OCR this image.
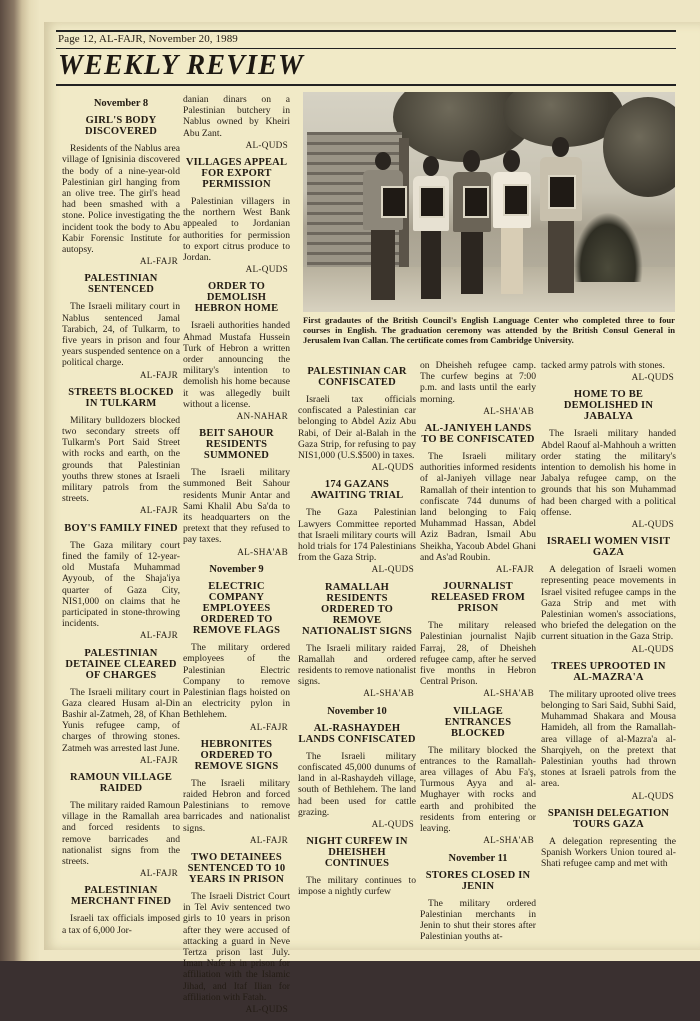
Page 12, AL-FAJR, November 20, 1989
WEEKLY REVIEW
November 8
GIRL'S BODY DISCOVERED

Residents of the Nablus area village of Ignisinia discovered the body of a nine-year-old Palestinian girl hanging from an olive tree. The girl's head had been smashed with a stone. Police investigating the incident took the body to Abu Kabir Forensic Institute for autopsy.

AL-FAJR
PALESTINIAN SENTENCED

The Israeli military court in Nablus sentenced Jamal Tarabich, 24, of Tulkarm, to five years in prison and four years suspended sentence on a political charge.

AL-FAJR
STREETS BLOCKED IN TULKARM

Military bulldozers blocked two secondary streets off Tulkarm's Port Said Street with rocks and earth, on the grounds that Palestinian youths threw stones at Israeli military patrols from the streets.

AL-FAJR
BOY'S FAMILY FINED

The Gaza military court fined the family of 12-year-old Mustafa Muhammad Ayyoub, of the Shaja'iya quarter of Gaza City, NIS1,000 on claims that he participated in stone-throwing incidents.

AL-FAJR
PALESTINIAN DETAINEE CLEARED OF CHARGES

The Israeli military court in Gaza cleared Husam al-Din Bashir al-Zatmeh, 28, of Khan Yunis refugee camp, of charges of throwing stones. Zatmeh was arrested last June.

AL-FAJR
RAMOUN VILLAGE RAIDED

The military raided Ramoun village in the Ramallah area and forced residents to remove barricades and nationalist signs from the streets.

AL-FAJR
PALESTINIAN MERCHANT FINED

Israeli tax officials imposed a tax of 6,000 Jor-

danian dinars on a Palestinian butchery in Nablus owned by Kheiri Abu Zant.

AL-QUDS
VILLAGES APPEAL FOR EXPORT PERMISSION

Palestinian villagers in the northern West Bank appealed to Jordanian authorities for permission to export citrus produce to Jordan.

AL-QUDS
ORDER TO DEMOLISH HEBRON HOME

Israeli authorities handed Ahmad Mustafa Hussein Turk of Hebron a written order announcing the military's intention to demolish his home because it was allegedly built without a license.

AN-NAHAR
BEIT SAHOUR RESIDENTS SUMMONED

The Israeli military summoned Beit Sahour residents Munir Antar and Sami Khalil Abu Sa'da to its headquarters on the pretext that they refused to pay taxes.

AL-SHA'AB
November 9
ELECTRIC COMPANY EMPLOYEES ORDERED TO REMOVE FLAGS

The military ordered employees of the Palestinian Electric Company to remove Palestinian flags hoisted on an electricity pylon in Bethlehem.

AL-FAJR
HEBRONITES ORDERED TO REMOVE SIGNS

The Israeli military raided Hebron and forced Palestinians to remove barricades and nationalist signs.

AL-FAJR
TWO DETAINEES SENTENCED TO 10 YEARS IN PRISON

The Israeli District Court in Tel Aviv sentenced two girls to 10 years in prison after they were accused of attacking a guard in Neve Tertza prison last July. Iman Nafe is in prison for affiliation with the Islamic Jihad, and Itaf Ilian for affiliation with Fatah.

AL-QUDS
First gradautes of the British Council's English Language Center who completed three to four courses in English. The graduation ceremony was attended by the British Consul General in Jerusalem Ivan Callan. The certificate comes from Cambridge University.
PALESTINIAN CAR CONFISCATED

Israeli tax officials confiscated a Palestinian car belonging to Abdel Aziz Abu Rabi, of Deir al-Balah in the Gaza Strip, for refusing to pay NIS1,000 (U.S.$500) in taxes.

AL-QUDS
174 GAZANS AWAITING TRIAL

The Gaza Palestinian Lawyers Committee reported that Israeli military courts will hold trials for 174 Palestinians from the Gaza Strip.

AL-QUDS
RAMALLAH RESIDENTS ORDERED TO REMOVE NATIONALIST SIGNS

The Israeli military raided Ramallah and ordered residents to remove nationalist signs.

AL-SHA'AB
November 10
AL-RASHAYDEH LANDS CONFISCATED

The Israeli military confiscated 45,000 dunums of land in al-Rashaydeh village, south of Bethlehem. The land had been used for cattle grazing.

AL-QUDS
NIGHT CURFEW IN DHEISHEH CONTINUES

The military continues to impose a nightly curfew

on Dheisheh refugee camp. The curfew begins at 7:00 p.m. and lasts until the early morning.

AL-SHA'AB
AL-JANIYEH LANDS TO BE CONFISCATED

The Israeli military authorities informed residents of al-Janiyeh village near Ramallah of their intention to confiscate 744 dunums of land belonging to Faiq Muhammad Hassan, Abdel Aziz Badran, Ismail Abu Sheikha, Yacoub Abdel Ghani and As'ad Roubin.

AL-FAJR
JOURNALIST RELEASED FROM PRISON

The military released Palestinian journalist Najib Farraj, 28, of Dheisheh refugee camp, after he served five months in Hebron Central Prison.

AL-SHA'AB
VILLAGE ENTRANCES BLOCKED

The military blocked the entrances to the Ramallah-area villages of Abu Fa'ş, Turmous Ayya and al-Mughayer with rocks and earth and prohibited the residents from entering or leaving.

AL-SHA'AB
November 11
STORES CLOSED IN JENIN

The military ordered Palestinian merchants in Jenin to shut their stores after Palestinian youths at-

tacked army patrols with stones.

AL-QUDS
HOME TO BE DEMOLISHED IN JABALYA

The Israeli military handed Abdel Raouf al-Mahhouh a written order stating the military's intention to demolish his home in Jabalya refugee camp, on the grounds that his son Muhammad had been charged with a political offense.

AL-QUDS
ISRAELI WOMEN VISIT GAZA

A delegation of Israeli women representing peace movements in Israel visited refugee camps in the Gaza Strip and met with Palestinian women's associations, who briefed the delegation on the current situation in the Gaza Strip.

AL-QUDS
TREES UPROOTED IN AL-MAZRA'A

The military uprooted olive trees belonging to Sari Said, Subhi Said, Muhammad Shakara and Mousa Hamideh, all from the Ramallah-area village of al-Mazra'a al-Sharqiyeh, on the pretext that Palestinian youths had thrown stones at Israeli patrols from the area.

AL-QUDS
SPANISH DELEGATION TOURS GAZA

A delegation representing the Spanish Workers Union toured al-Shati refugee camp and met with
